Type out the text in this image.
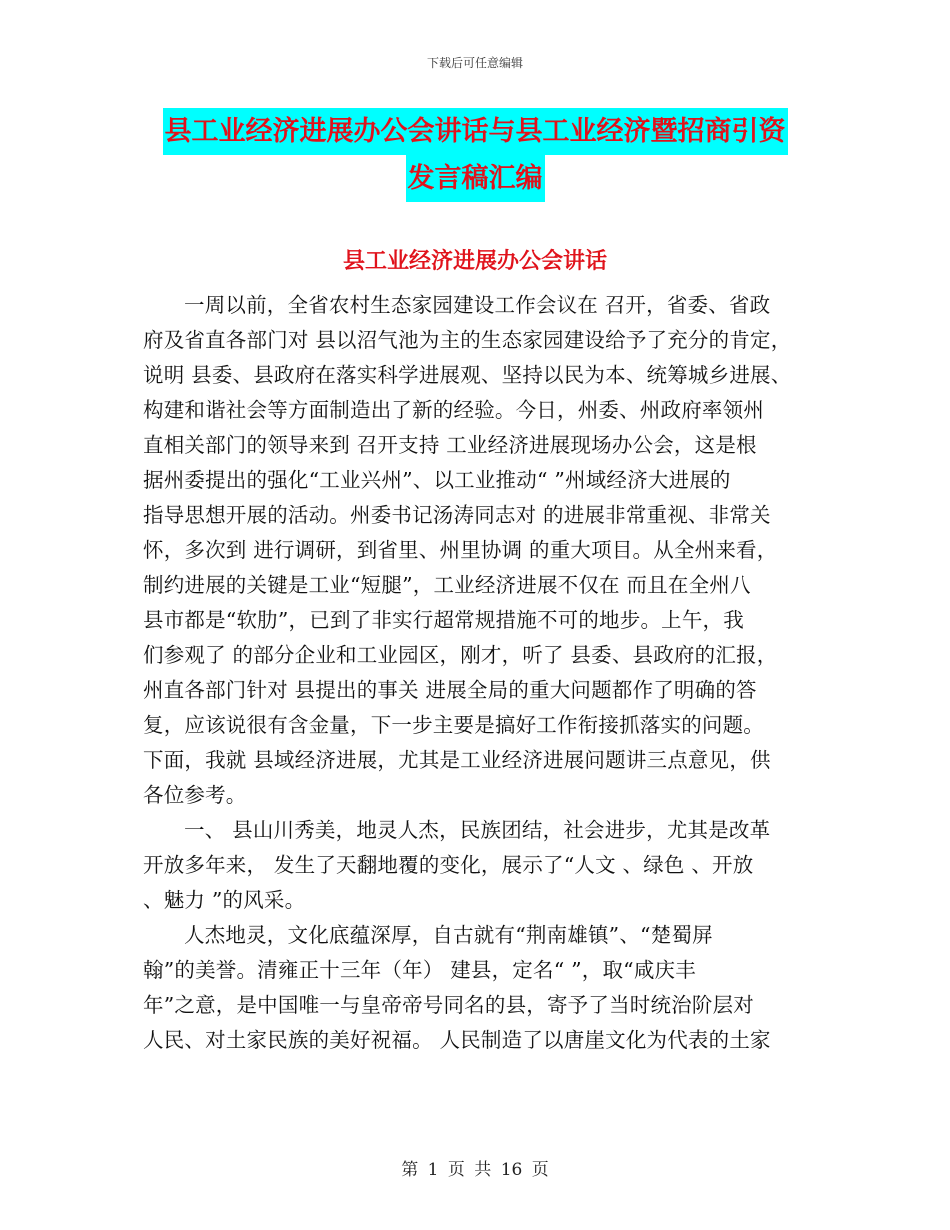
下载后可任意编辑
县工业经济进展办公会讲话与县工业经济暨招商引资
发言稿汇编
县工业经济进展办公会讲话

一周以前，全省农村生态家园建设工作会议在 召开，省委、省政
府及省直各部门对 县以沼气池为主的生态家园建设给予了充分的肯定，
说明 县委、县政府在落实科学进展观、坚持以民为本、统筹城乡进展、
构建和谐社会等方面制造出了新的经验。今日，州委、州政府率领州
直相关部门的领导来到 召开支持 工业经济进展现场办公会，这是根
据州委提出的强化“工业兴州”、以工业推动“ ”州域经济大进展的
指导思想开展的活动。州委书记汤涛同志对 的进展非常重视、非常关
怀，多次到 进行调研，到省里、州里协调 的重大项目。从全州来看，
制约进展的关键是工业“短腿”，工业经济进展不仅在 而且在全州八
县市都是“软肋”，已到了非实行超常规措施不可的地步。上午，我
们参观了 的部分企业和工业园区，刚才，听了 县委、县政府的汇报，
州直各部门针对 县提出的事关 进展全局的重大问题都作了明确的答
复，应该说很有含金量，下一步主要是搞好工作衔接抓落实的问题。
下面，我就 县域经济进展，尤其是工业经济进展问题讲三点意见，供
各位参考。

一、 县山川秀美，地灵人杰，民族团结，社会进步，尤其是改革
开放多年来， 发生了天翻地覆的变化，展示了“人文 、绿色 、开放
、魅力 ”的风采。

人杰地灵，文化底蕴深厚，自古就有“荆南雄镇”、“楚蜀屏
翰”的美誉。清雍正十三年（年） 建县，定名“ ”，取“咸庆丰
年”之意，是中国唯一与皇帝帝号同名的县，寄予了当时统治阶层对
人民、对土家民族的美好祝福。 人民制造了以唐崖文化为代表的土家

第 1 页 共 16 页
